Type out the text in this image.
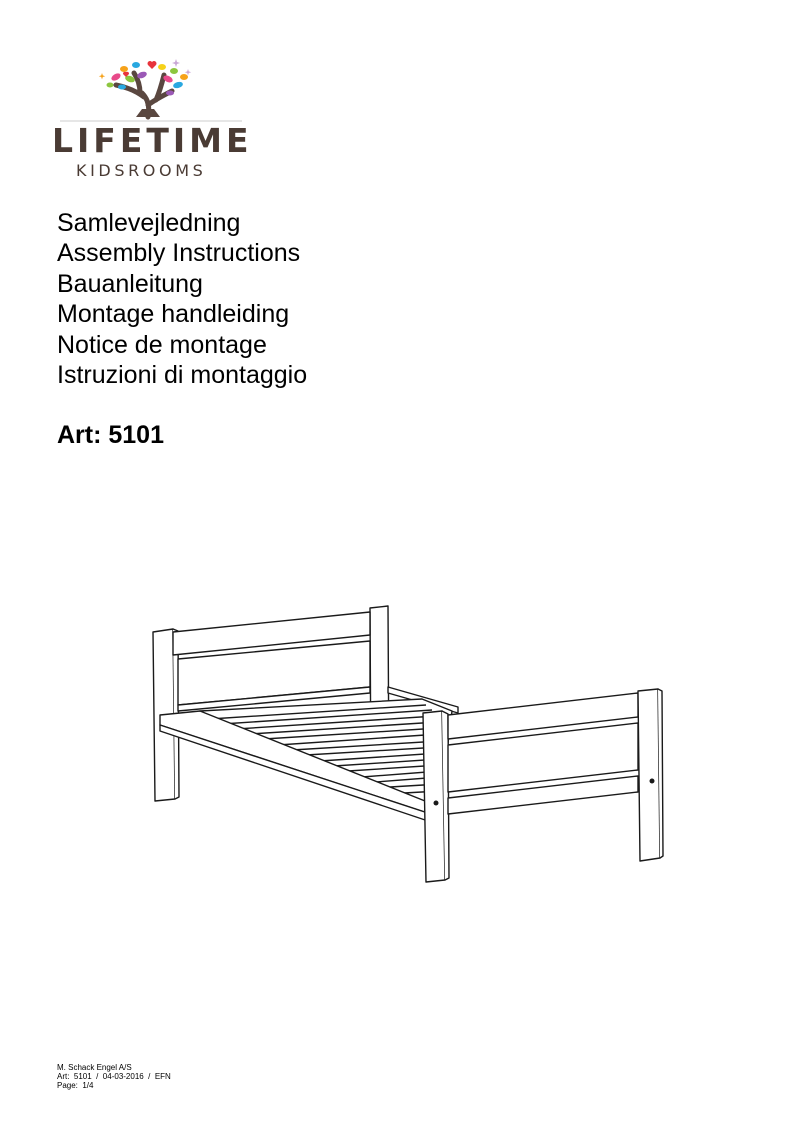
LIFETIME
KIDSROOMS
Samlevejledning
Assembly Instructions
Bauanleitung
Montage handleiding
Notice de montage
Istruzioni di montaggio
Art: 5101
M. Schack Engel A/S
Art:  5101  /  04-03-2016  /  EFN
Page:  1/4
